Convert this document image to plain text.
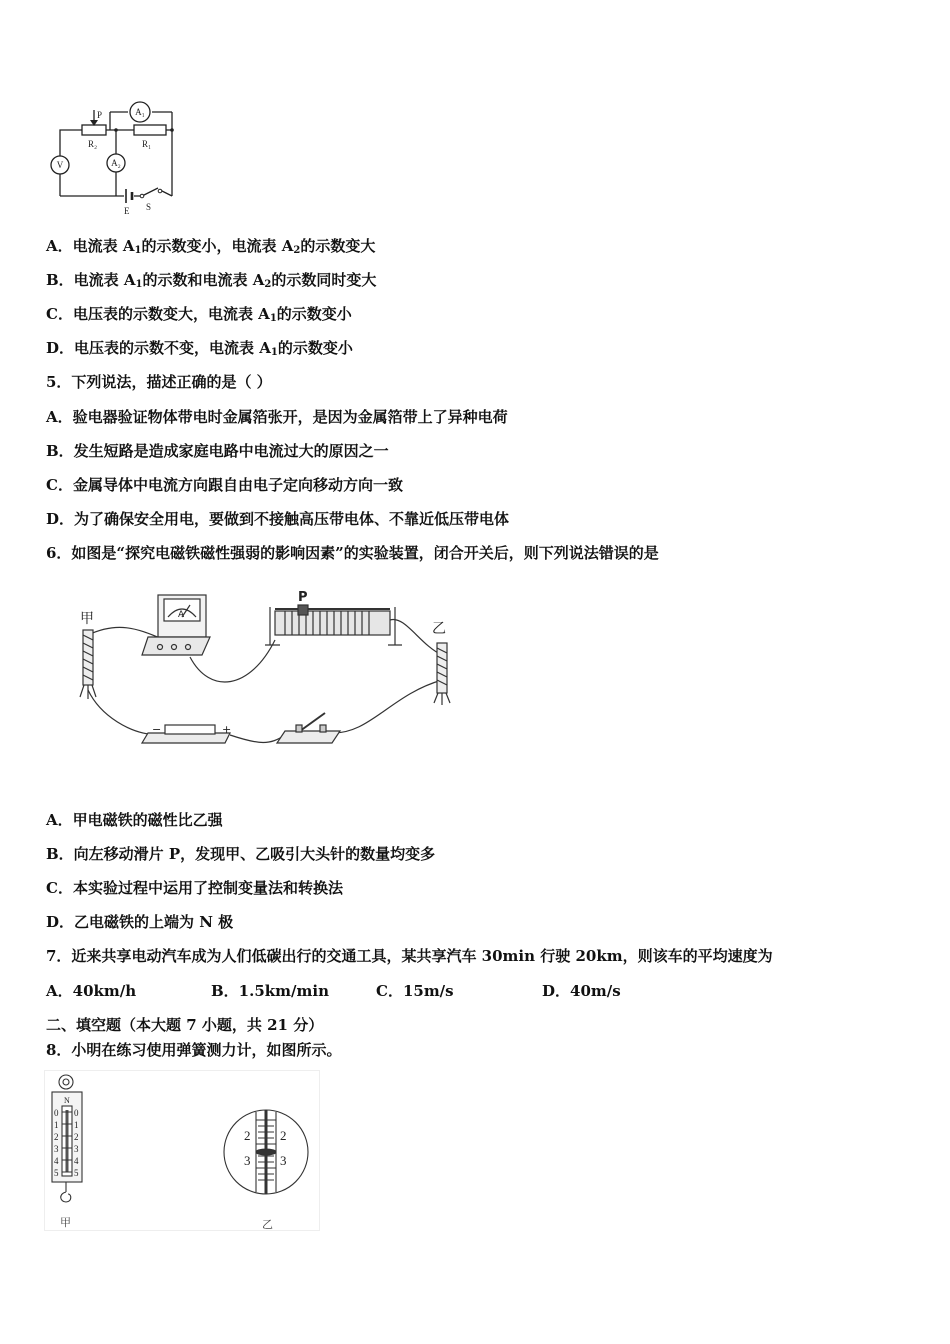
A₁
A₂
V
P
R₂	R₁
E S
A．电流表 $A_1$的示数变小，电流表 $A_2$的示数变大
B．电流表 $A_1$的示数和电流表 $A_2$的示数同时变大
C．电压表的示数变大，电流表 $A_1$的示数变小
D．电压表的示数不变，电流表 $A_1$的示数变小
5．下列说法，描述正确的是（ ）
A．验电器验证物体带电时金属箔张开，是因为金属箔带上了异种电荷
B．发生短路是造成家庭电路中电流过大的原因之一
C．金属导体中电流方向跟自由电子定向移动方向一致
D．为了确保安全用电，要做到不接触高压带电体、不靠近低压带电体
6．如图是“探究电磁铁磁性强弱的影响因素”的实验装置，闭合开关后，则下列说法错误的是
甲
乙
P
A
−	+
A．甲电磁铁的磁性比乙强
B．向左移动滑片 P，发现甲、乙吸引大头针的数量均变多
C．本实验过程中运用了控制变量法和转换法
D．乙电磁铁的上端为 N 极
7．近来共享电动汽车成为人们低碳出行的交通工具，某共享汽车 30min 行驶 20km，则该车的平均速度为
A．40km/h	B．1.5km/min	C．15m/s	D．40m/s
二、填空题（本大题 7 小题，共 21 分）
8．小明在练习使用弹簧测力计，如图所示。
N
0
1
2
3
4
5
0
1
2
3
4
5
2 2
3 3
甲	乙
